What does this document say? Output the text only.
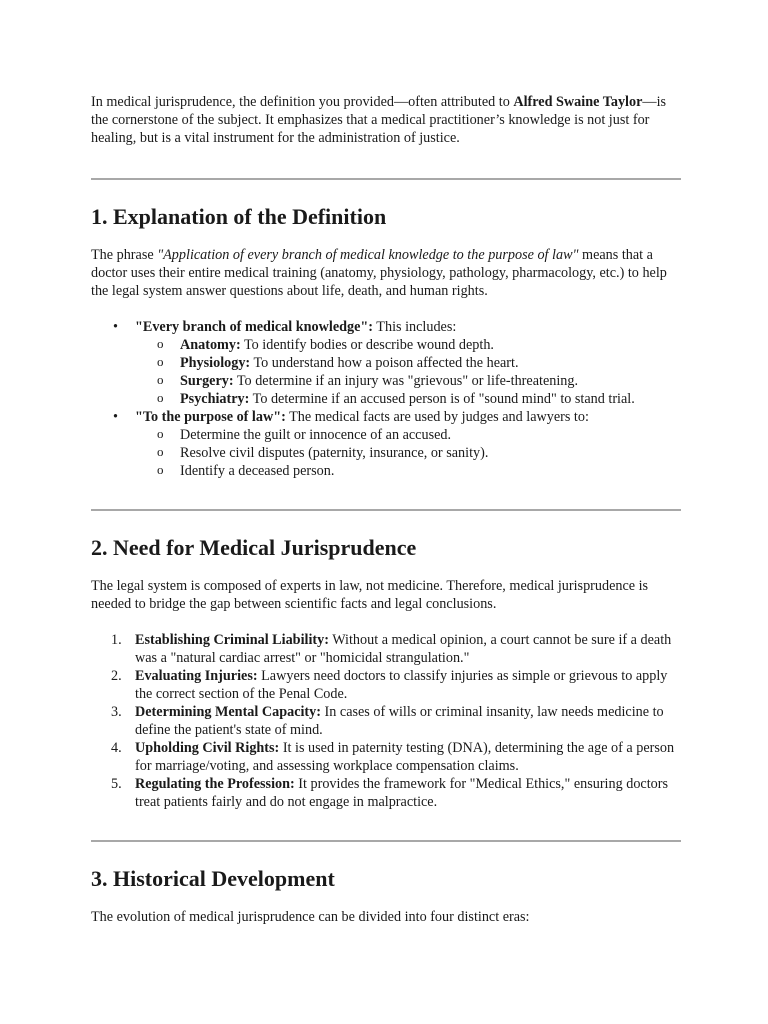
In medical jurisprudence, the definition you provided—often attributed to Alfred Swaine Taylor—is the cornerstone of the subject. It emphasizes that a medical practitioner’s knowledge is not just for healing, but is a vital instrument for the administration of justice.

1. Explanation of the Definition

The phrase "Application of every branch of medical knowledge to the purpose of law" means that a doctor uses their entire medical training (anatomy, physiology, pathology, pharmacology, etc.) to help the legal system answer questions about life, death, and human rights.

• "Every branch of medical knowledge": This includes:
o Anatomy: To identify bodies or describe wound depth.
o Physiology: To understand how a poison affected the heart.
o Surgery: To determine if an injury was "grievous" or life-threatening.
o Psychiatry: To determine if an accused person is of "sound mind" to stand trial.
• "To the purpose of law": The medical facts are used by judges and lawyers to:
o Determine the guilt or innocence of an accused.
o Resolve civil disputes (paternity, insurance, or sanity).
o Identify a deceased person.
2. Need for Medical Jurisprudence

The legal system is composed of experts in law, not medicine. Therefore, medical jurisprudence is needed to bridge the gap between scientific facts and legal conclusions.

1. Establishing Criminal Liability: Without a medical opinion, a court cannot be sure if a death was a "natural cardiac arrest" or "homicidal strangulation."
2. Evaluating Injuries: Lawyers need doctors to classify injuries as simple or grievous to apply the correct section of the Penal Code.
3. Determining Mental Capacity: In cases of wills or criminal insanity, law needs medicine to define the patient's state of mind.
4. Upholding Civil Rights: It is used in paternity testing (DNA), determining the age of a person for marriage/voting, and assessing workplace compensation claims.
5. Regulating the Profession: It provides the framework for "Medical Ethics," ensuring doctors treat patients fairly and do not engage in malpractice.
3. Historical Development

The evolution of medical jurisprudence can be divided into four distinct eras:
